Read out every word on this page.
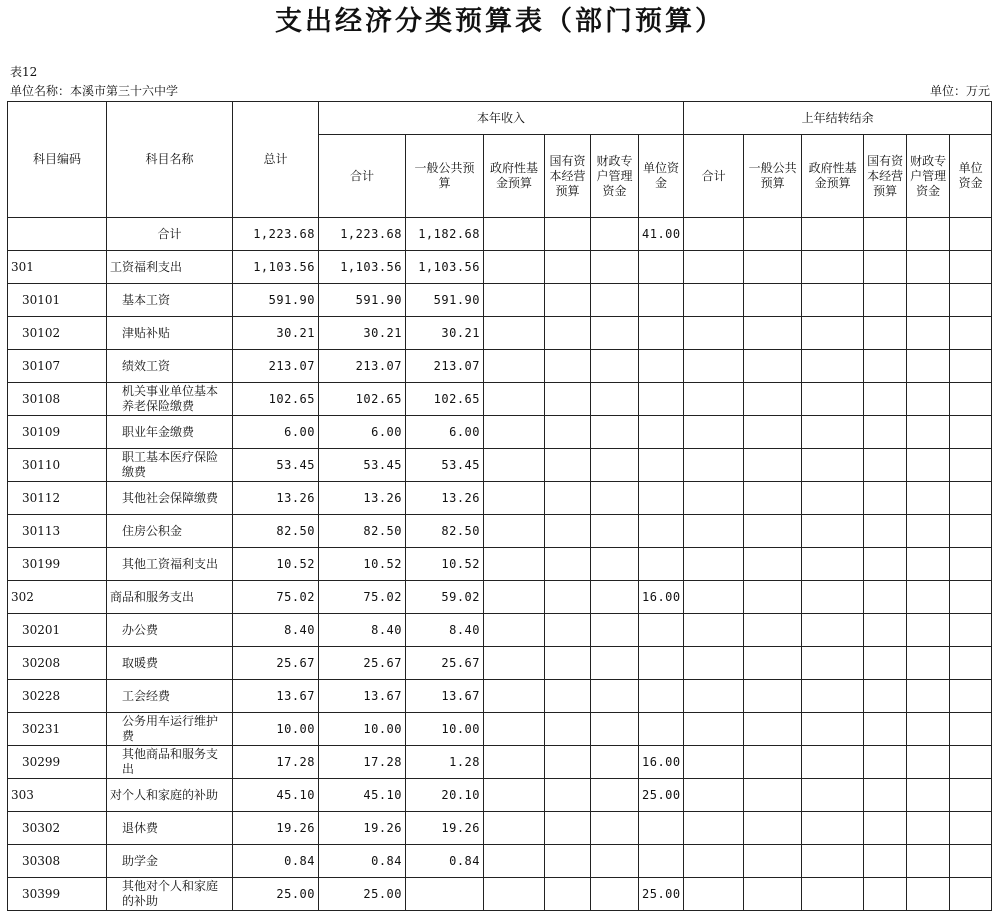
支出经济分类预算表（部门预算）
表12
单位名称：本溪市第三十六中学	单位：万元
科目编码	科目名称	总计	本年收入						上年结转结余					
			合计	一般公共预算	政府性基金预算	国有资本经营预算	财政专户管理资金	单位资金	合计	一般公共预算	政府性基金预算	国有资本经营预算	财政专户管理资金	单位资金
	合计	1,223.68	1,223.68	1,182.68				41.00						
301	工资福利支出	1,103.56	1,103.56	1,103.56										
30101	基本工资	591.90	591.90	591.90										
30102	津贴补贴	30.21	30.21	30.21										
30107	绩效工资	213.07	213.07	213.07										
30108	机关事业单位基本养老保险缴费	102.65	102.65	102.65										
30109	职业年金缴费	6.00	6.00	6.00										
30110	职工基本医疗保险缴费	53.45	53.45	53.45										
30112	其他社会保障缴费	13.26	13.26	13.26										
30113	住房公积金	82.50	82.50	82.50										
30199	其他工资福利支出	10.52	10.52	10.52										
302	商品和服务支出	75.02	75.02	59.02				16.00						
30201	办公费	8.40	8.40	8.40										
30208	取暖费	25.67	25.67	25.67										
30228	工会经费	13.67	13.67	13.67										
30231	公务用车运行维护费	10.00	10.00	10.00										
30299	其他商品和服务支出	17.28	17.28	1.28				16.00						
303	对个人和家庭的补助	45.10	45.10	20.10				25.00						
30302	退休费	19.26	19.26	19.26										
30308	助学金	0.84	0.84	0.84										
30399	其他对个人和家庭的补助	25.00	25.00					25.00						
